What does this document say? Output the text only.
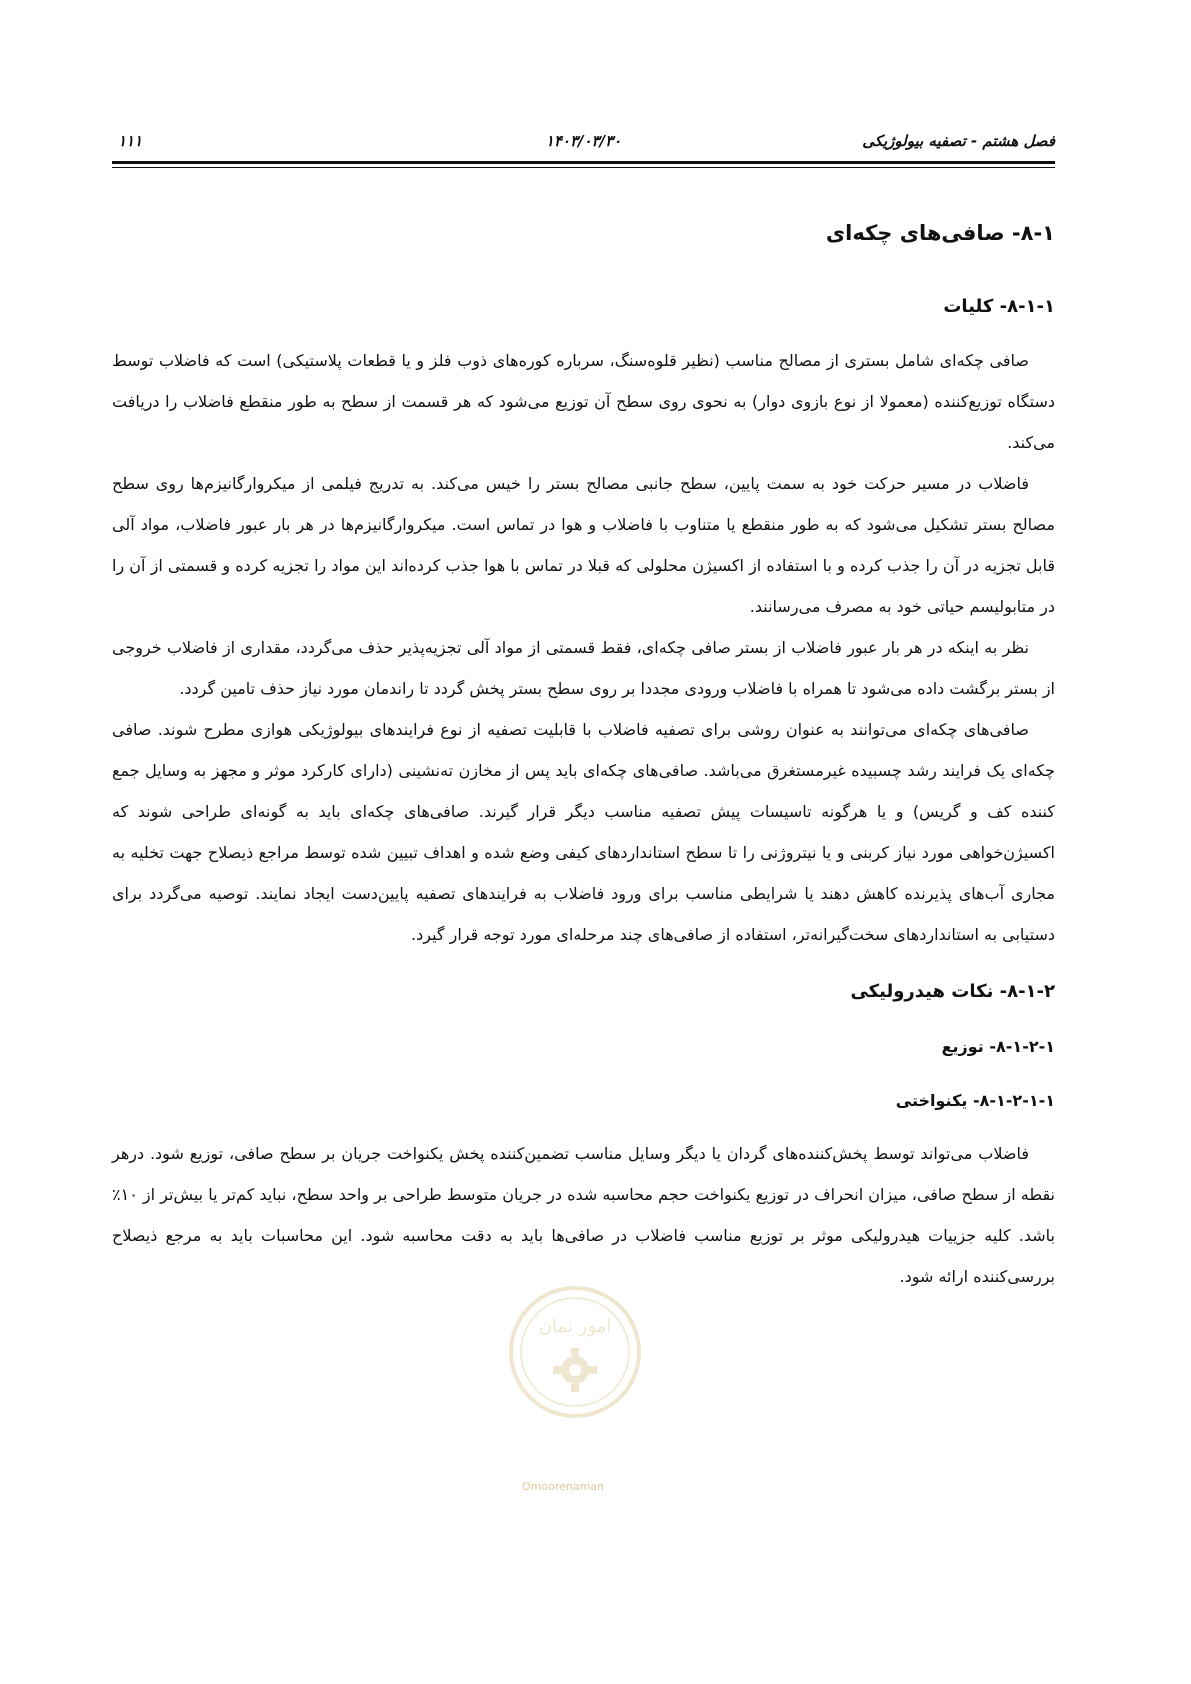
فصل هشتم - تصفیه بیولوژیکی
۱۴۰۳/۰۳/۳۰
۱۱۱
۸-۱- صافی‌های چکه‌ای
۸-۱-۱- کلیات

صافی چکه‌ای شامل بستری از مصالح مناسب (نظیر قلوه‌سنگ، سرباره کوره‌های ذوب فلز و یا قطعات پلاستیکی) است که فاضلاب توسط دستگاه توزیع‌کننده (معمولا از نوع بازوی دوار) به نحوی روی سطح آن توزیع می‌شود که هر قسمت از سطح به طور منقطع فاضلاب را دریافت می‌کند.

فاضلاب در مسیر حرکت خود به سمت پایین، سطح جانبی مصالح بستر را خیس می‌کند. به تدریج فیلمی از میکروارگانیزم‌ها روی سطح مصالح بستر تشکیل می‌شود که به طور منقطع یا متناوب با فاضلاب و هوا در تماس است. میکروارگانیزم‌ها در هر بار عبور فاضلاب، مواد آلی قابل تجزیه در آن را جذب کرده و با استفاده از اکسیژن محلولی که قبلا در تماس با هوا جذب کرده‌اند این مواد را تجزیه کرده و قسمتی از آن را در متابولیسم حیاتی خود به مصرف می‌رسانند.

نظر به اینکه در هر بار عبور فاضلاب از بستر صافی چکه‌ای، فقط قسمتی از مواد آلی تجزیه‌پذیر حذف می‌گردد، مقداری از فاضلاب خروجی از بستر برگشت داده می‌شود تا همراه با فاضلاب ورودی مجددا بر روی سطح بستر پخش گردد تا راندمان مورد نیاز حذف تامین گردد.

صافی‌های چکه‌ای می‌توانند به عنوان روشی برای تصفیه فاضلاب با قابلیت تصفیه از نوع فرایندهای بیولوژیکی هوازی مطرح شوند. صافی چکه‌ای یک فرایند رشد چسبیده غیرمستغرق می‌باشد. صافی‌های چکه‌ای باید پس از مخازن ته‌نشینی (دارای کارکرد موثر و مجهز به وسایل جمع کننده کف و گریس) و یا هرگونه تاسیسات پیش تصفیه مناسب دیگر قرار گیرند. صافی‌های چکه‌ای باید به گونه‌ای طراحی شوند که اکسیژن‌خواهی مورد نیاز کربنی و یا نیتروژنی را تا سطح استانداردهای کیفی وضع شده و اهداف تبیین شده توسط مراجع ذیصلاح جهت تخلیه به مجاری آب‌های پذیرنده کاهش دهند یا شرایطی مناسب برای ورود فاضلاب به فرایندهای تصفیه پایین‌دست ایجاد نمایند. توصیه می‌گردد برای دستیابی به استانداردهای سخت‌گیرانه‌تر، استفاده از صافی‌های چند مرحله‌ای مورد توجه قرار گیرد.

۸-۱-۲- نکات هیدرولیکی
۸-۱-۲-۱- توزیع
۸-۱-۲-۱-۱- یکنواختی

فاضلاب می‌تواند توسط پخش‌کننده‌های گردان یا دیگر وسایل مناسب تضمین‌کننده پخش یکنواخت جریان بر سطح صافی، توزیع شود. درهر نقطه از سطح صافی، میزان انحراف در توزیع یکنواخت حجم محاسبه شده در جریان متوسط طراحی بر واحد سطح، نباید کم‌تر یا بیش‌تر از ۱۰٪ باشد. کلیه جزییات هیدرولیکی موثر بر توزیع مناسب فاضلاب در صافی‌ها باید به دقت محاسبه شود. این محاسبات باید به مرجع ذیصلاح بررسی‌کننده ارائه شود.

امور نمان
Omoorenaman
